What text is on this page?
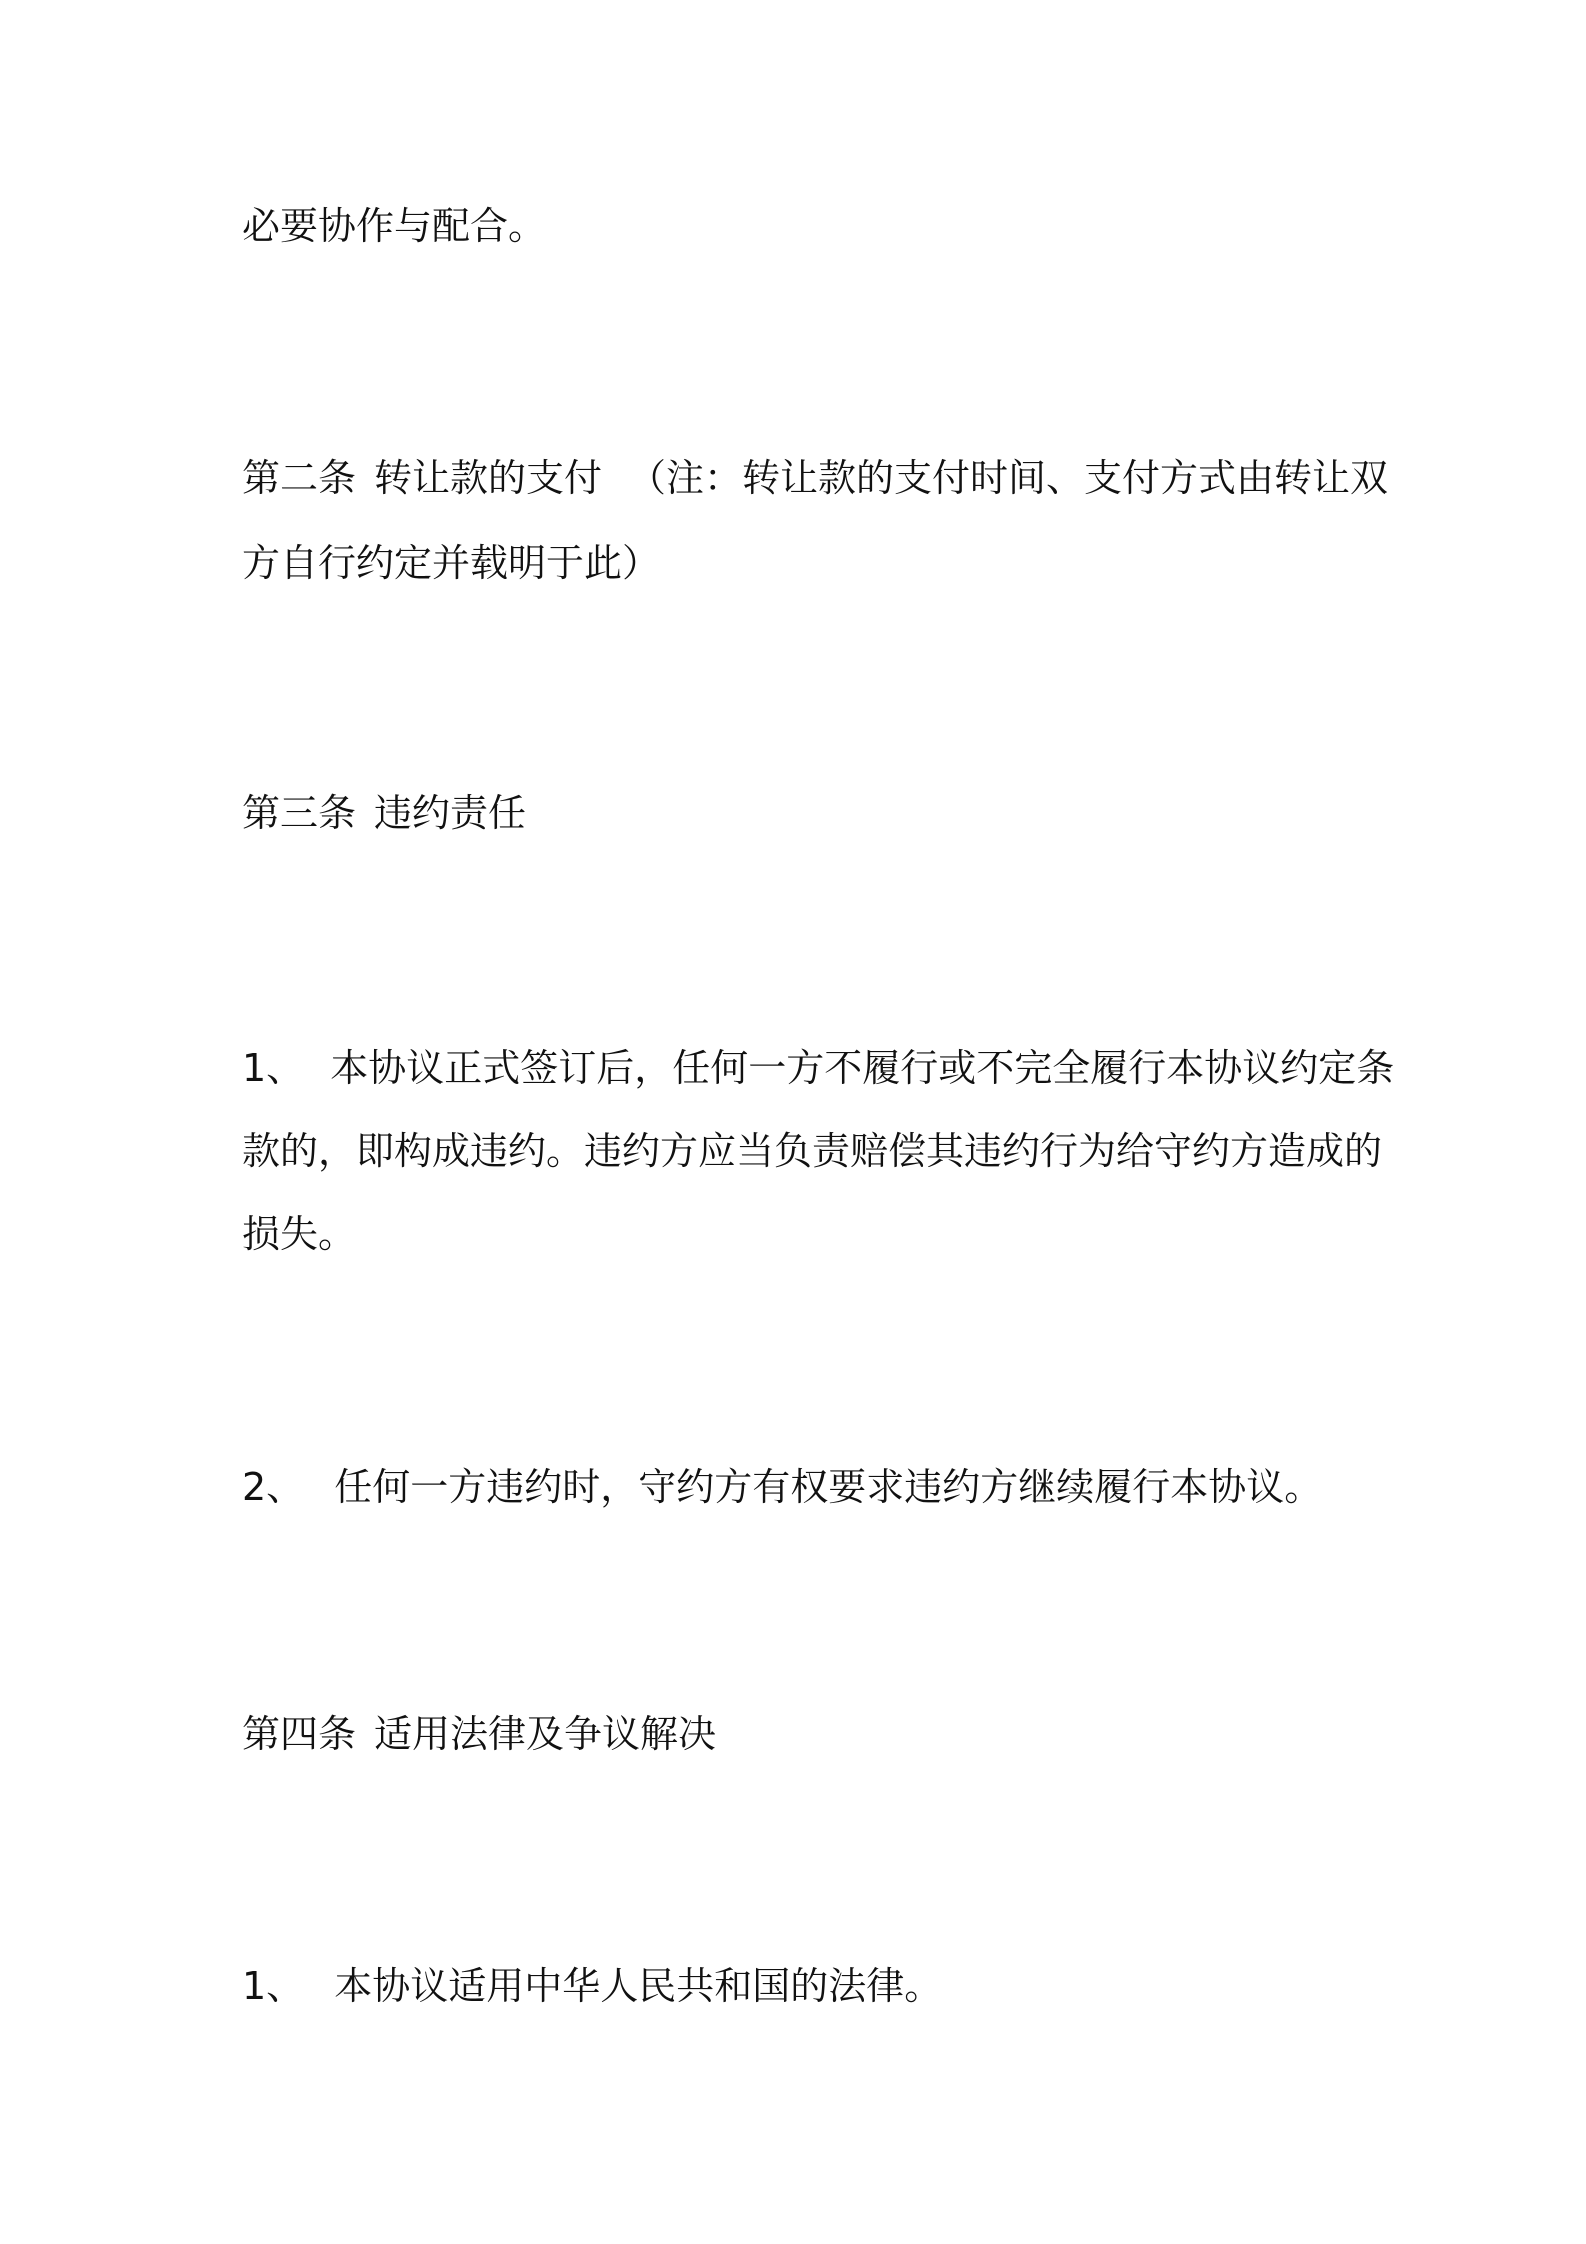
必要协作与配合。
第二条 转让款的支付 （注：转让款的支付时间、支付方式由转让双
方自行约定并载明于此）
第三条 违约责任
1、 本协议正式签订后，任何一方不履行或不完全履行本协议约定条
款的，即构成违约。违约方应当负责赔偿其违约行为给守约方造成的
损失。
2、 任何一方违约时，守约方有权要求违约方继续履行本协议。
第四条 适用法律及争议解决
1、 本协议适用中华人民共和国的法律。
